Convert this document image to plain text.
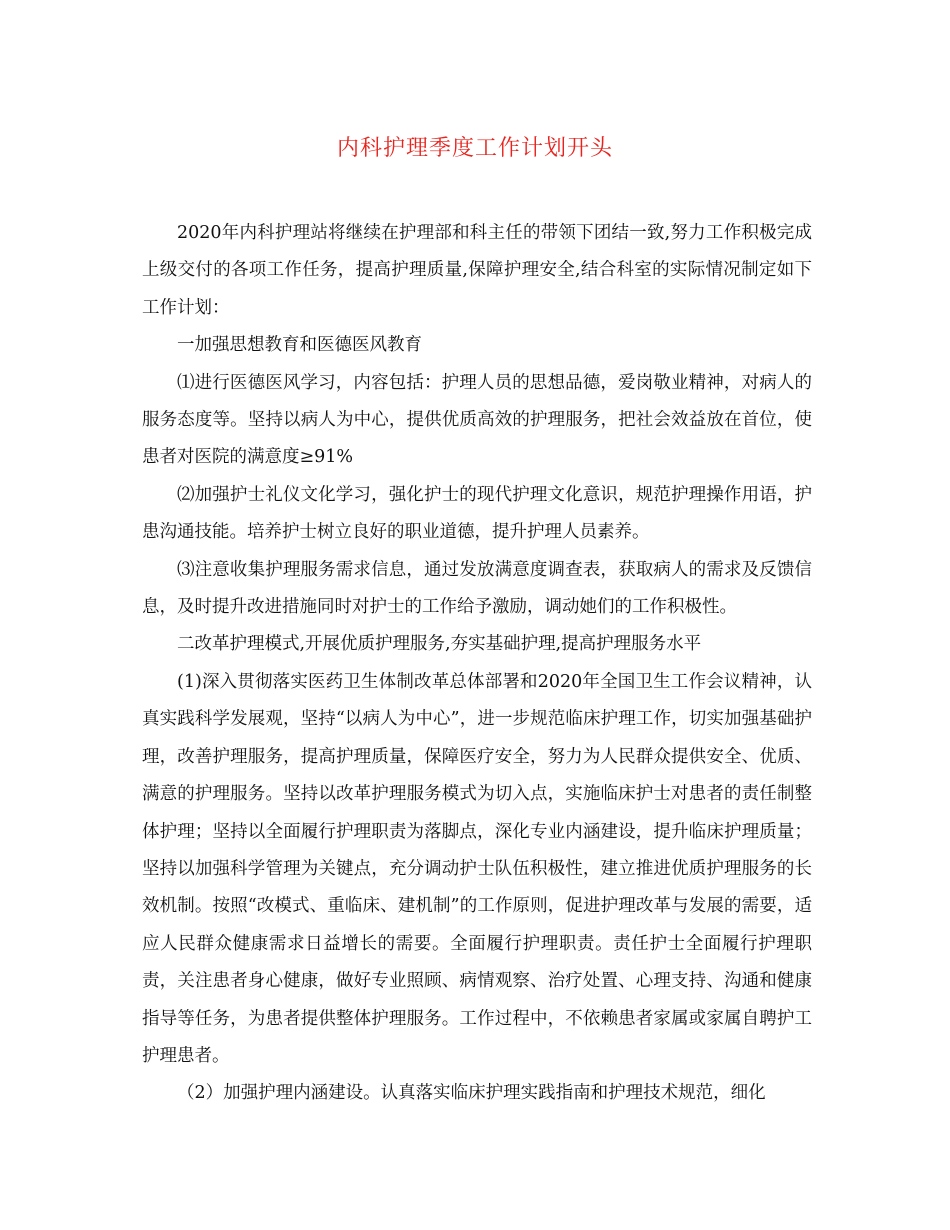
内科护理季度工作计划开头

2020年内科护理站将继续在护理部和科主任的带领下团结一致,努力工作积极完成上级交付的各项工作任务，提高护理质量,保障护理安全,结合科室的实际情况制定如下工作计划：

一加强思想教育和医德医风教育

⑴进行医德医风学习，内容包括：护理人员的思想品德，爱岗敬业精神，对病人的服务态度等。坚持以病人为中心，提供优质高效的护理服务，把社会效益放在首位，使患者对医院的满意度≥91%

⑵加强护士礼仪文化学习，强化护士的现代护理文化意识，规范护理操作用语，护患沟通技能。培养护士树立良好的职业道德，提升护理人员素养。

⑶注意收集护理服务需求信息，通过发放满意度调查表，获取病人的需求及反馈信息，及时提升改进措施同时对护士的工作给予激励，调动她们的工作积极性。

二改革护理模式,开展优质护理服务,夯实基础护理,提高护理服务水平

(1)深入贯彻落实医药卫生体制改革总体部署和2020年全国卫生工作会议精神，认真实践科学发展观，坚持“以病人为中心”，进一步规范临床护理工作，切实加强基础护理，改善护理服务，提高护理质量，保障医疗安全，努力为人民群众提供安全、优质、满意的护理服务。坚持以改革护理服务模式为切入点，实施临床护士对患者的责任制整体护理；坚持以全面履行护理职责为落脚点，深化专业内涵建设，提升临床护理质量；坚持以加强科学管理为关键点，充分调动护士队伍积极性，建立推进优质护理服务的长效机制。按照“改模式、重临床、建机制”的工作原则，促进护理改革与发展的需要，适应人民群众健康需求日益增长的需要。全面履行护理职责。责任护士全面履行护理职责，关注患者身心健康，做好专业照顾、病情观察、治疗处置、心理支持、沟通和健康指导等任务，为患者提供整体护理服务。工作过程中，不依赖患者家属或家属自聘护工护理患者。

（2）加强护理内涵建设。认真落实临床护理实践指南和护理技术规范，细化
